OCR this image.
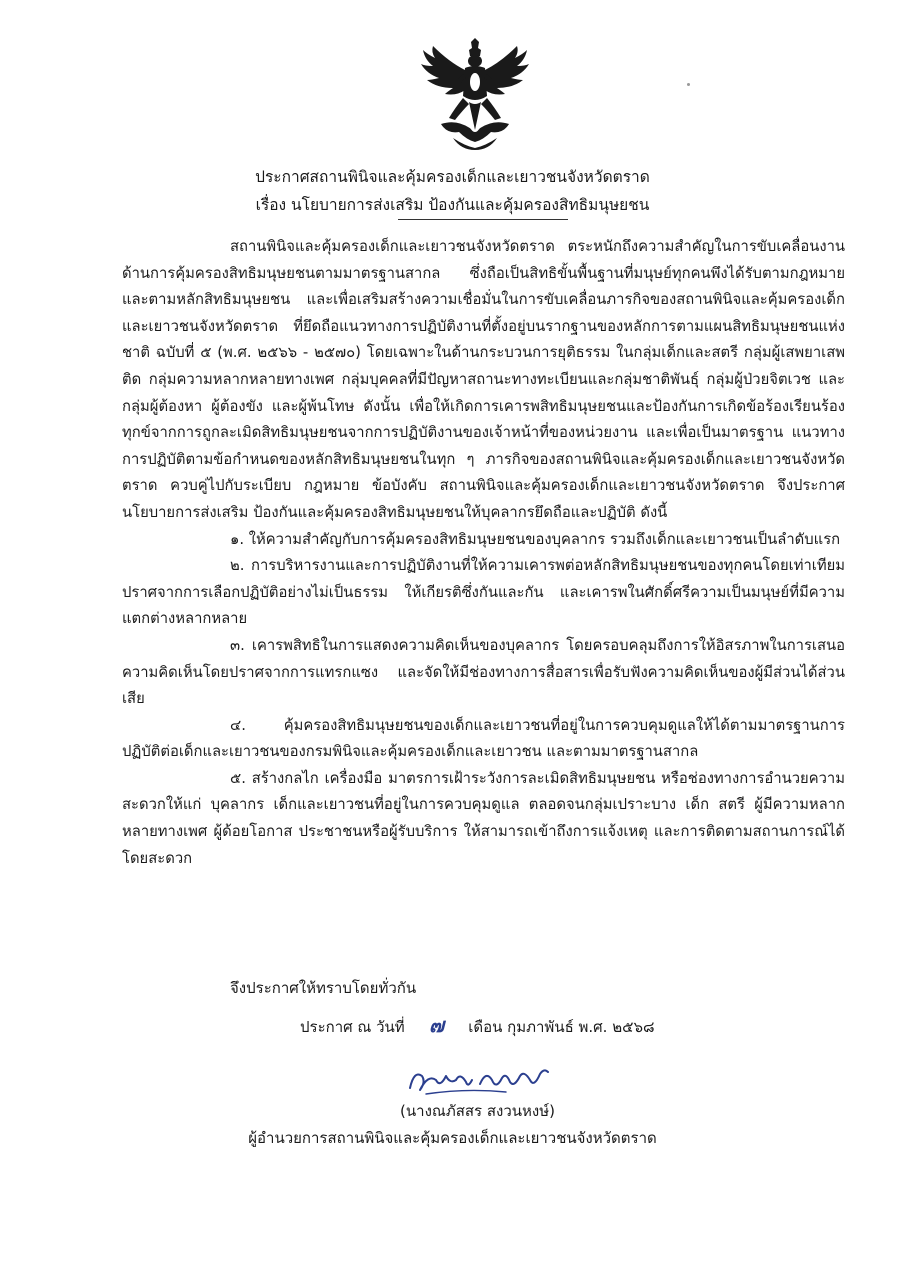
ประกาศสถานพินิจและคุ้มครองเด็กและเยาวชนจังหวัดตราด
เรื่อง นโยบายการส่งเสริม ป้องกันและคุ้มครองสิทธิมนุษยชน

สถานพินิจและคุ้มครองเด็กและเยาวชนจังหวัดตราด ตระหนักถึงความสำคัญในการขับเคลื่อนงานด้านการคุ้มครองสิทธิมนุษยชนตามมาตรฐานสากล ซึ่งถือเป็นสิทธิขั้นพื้นฐานที่มนุษย์ทุกคนพึงได้รับตามกฎหมายและตามหลักสิทธิมนุษยชน และเพื่อเสริมสร้างความเชื่อมั่นในการขับเคลื่อนภารกิจของสถานพินิจและคุ้มครองเด็กและเยาวชนจังหวัดตราด ที่ยึดถือแนวทางการปฏิบัติงานที่ตั้งอยู่บนรากฐานของหลักการตามแผนสิทธิมนุษยชนแห่งชาติ ฉบับที่ ๕ (พ.ศ. ๒๕๖๖ - ๒๕๗๐) โดยเฉพาะในด้านกระบวนการยุติธรรม ในกลุ่มเด็กและสตรี กลุ่มผู้เสพยาเสพติด กลุ่มความหลากหลายทางเพศ กลุ่มบุคคลที่มีปัญหาสถานะทางทะเบียนและกลุ่มชาติพันธุ์ กลุ่มผู้ป่วยจิตเวช และกลุ่มผู้ต้องหา ผู้ต้องขัง และผู้พ้นโทษ ดังนั้น เพื่อให้เกิดการเคารพสิทธิมนุษยชนและป้องกันการเกิดข้อร้องเรียนร้องทุกข์จากการถูกละเมิดสิทธิมนุษยชนจากการปฏิบัติงานของเจ้าหน้าที่ของหน่วยงาน และเพื่อเป็นมาตรฐาน แนวทางการปฏิบัติตามข้อกำหนดของหลักสิทธิมนุษยชนในทุก ๆ ภารกิจของสถานพินิจและคุ้มครองเด็กและเยาวชนจังหวัดตราด ควบคู่ไปกับระเบียบ กฎหมาย ข้อบังคับ สถานพินิจและคุ้มครองเด็กและเยาวชนจังหวัดตราด จึงประกาศนโยบายการส่งเสริม ป้องกันและคุ้มครองสิทธิมนุษยชนให้บุคลากรยึดถือและปฏิบัติ ดังนี้

๑. ให้ความสำคัญกับการคุ้มครองสิทธิมนุษยชนของบุคลากร รวมถึงเด็กและเยาวชนเป็นลำดับแรก

๒. การบริหารงานและการปฏิบัติงานที่ให้ความเคารพต่อหลักสิทธิมนุษยชนของทุกคนโดยเท่าเทียม ปราศจากการเลือกปฏิบัติอย่างไม่เป็นธรรม ให้เกียรติซึ่งกันและกัน และเคารพในศักดิ์ศรีความเป็นมนุษย์ที่มีความแตกต่างหลากหลาย

๓. เคารพสิทธิในการแสดงความคิดเห็นของบุคลากร โดยครอบคลุมถึงการให้อิสรภาพในการเสนอความคิดเห็นโดยปราศจากการแทรกแซง และจัดให้มีช่องทางการสื่อสารเพื่อรับฟังความคิดเห็นของผู้มีส่วนได้ส่วนเสีย

๔. คุ้มครองสิทธิมนุษยชนของเด็กและเยาวชนที่อยู่ในการควบคุมดูแลให้ได้ตามมาตรฐานการปฏิบัติต่อเด็กและเยาวชนของกรมพินิจและคุ้มครองเด็กและเยาวชน และตามมาตรฐานสากล

๕. สร้างกลไก เครื่องมือ มาตรการเฝ้าระวังการละเมิดสิทธิมนุษยชน หรือช่องทางการอำนวยความสะดวกให้แก่ บุคลากร เด็กและเยาวชนที่อยู่ในการควบคุมดูแล ตลอดจนกลุ่มเปราะบาง เด็ก สตรี ผู้มีความหลากหลายทางเพศ ผู้ด้อยโอกาส ประชาชนหรือผู้รับบริการ ให้สามารถเข้าถึงการแจ้งเหตุ และการติดตามสถานการณ์ได้โดยสะดวก

จึงประกาศให้ทราบโดยทั่วกัน
ประกาศ ณ วันที่ ๗ เดือน กุมภาพันธ์ พ.ศ. ๒๕๖๘
(นางณภัสสร สงวนหงษ์)
ผู้อำนวยการสถานพินิจและคุ้มครองเด็กและเยาวชนจังหวัดตราด
